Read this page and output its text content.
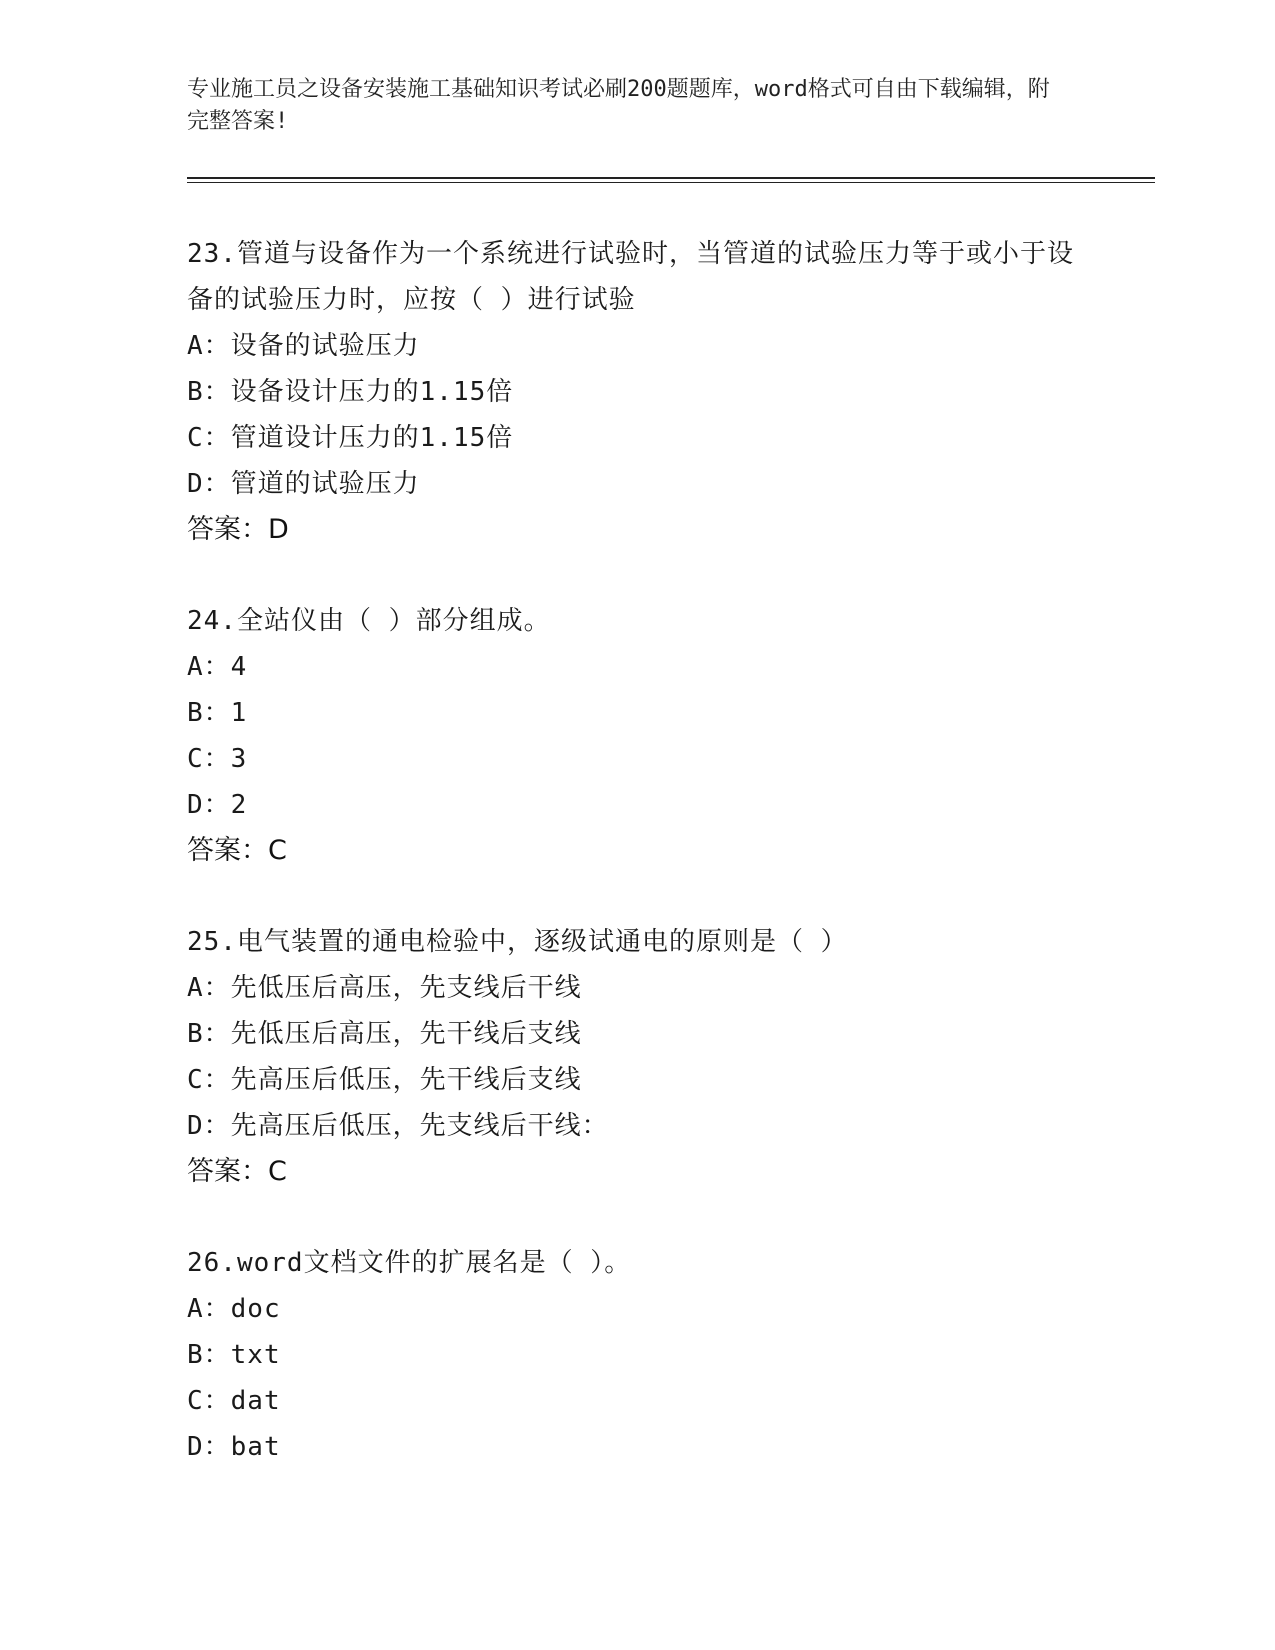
专业施工员之设备安装施工基础知识考试必刷200题题库，word格式可自由下载编辑，附完整答案!
23.管道与设备作为一个系统进行试验时，当管道的试验压力等于或小于设备的试验压力时，应按（ ）进行试验
A：设备的试验压力
B：设备设计压力的1.15倍
C：管道设计压力的1.15倍
D：管道的试验压力
答案：D
24.全站仪由（ ）部分组成。
A：4
B：1
C：3
D：2
答案：C
25.电气装置的通电检验中，逐级试通电的原则是（ ）
A：先低压后高压，先支线后干线
B：先低压后高压，先干线后支线
C：先高压后低压，先干线后支线
D：先高压后低压，先支线后干线：
答案：C
26.word文档文件的扩展名是（ ）。
A：doc
B：txt
C：dat
D：bat
